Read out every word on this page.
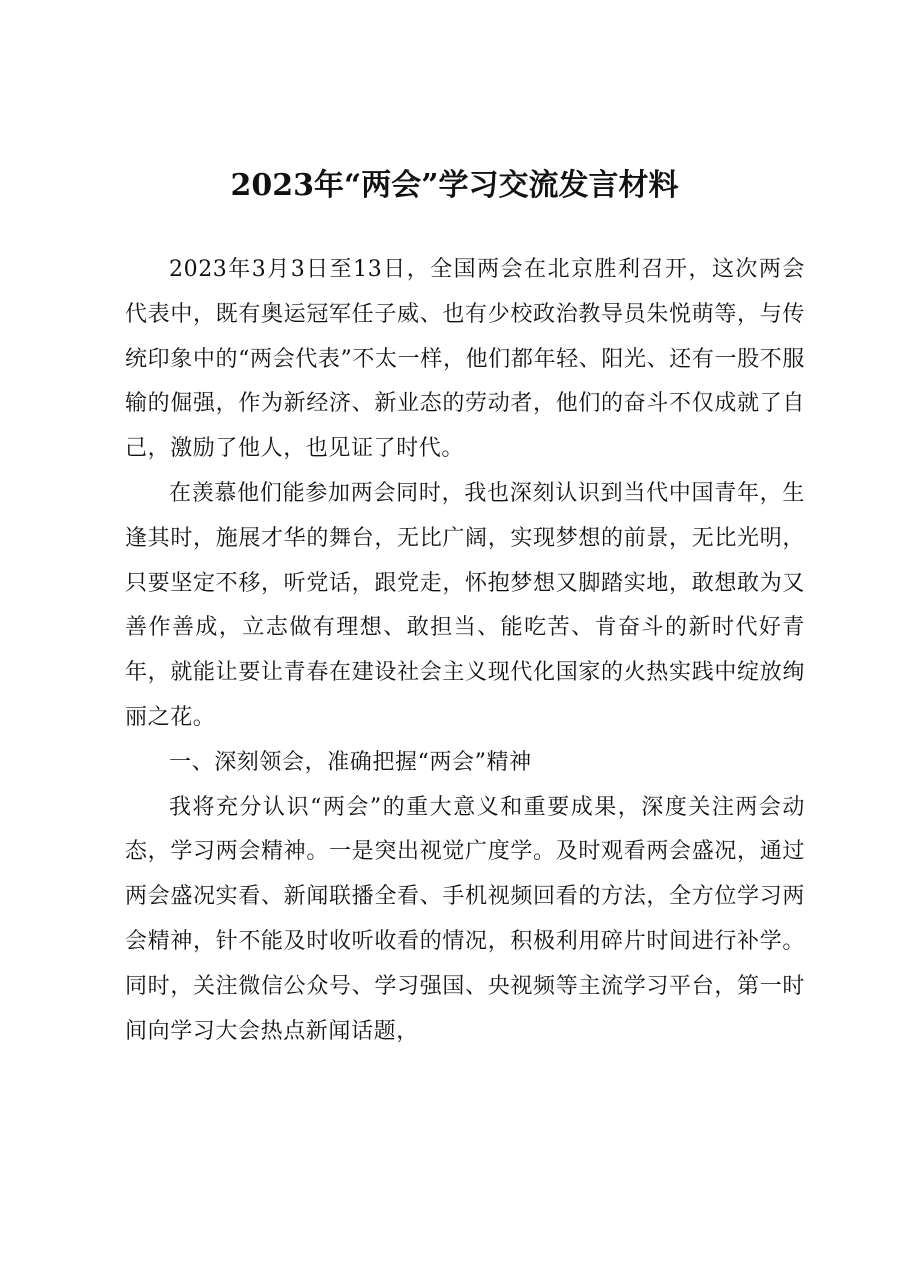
2023年“两会”学习交流发言材料

2023年3月3日至13日，全国两会在北京胜利召开，这次两会代表中，既有奥运冠军任子威、也有少校政治教导员朱悦萌等，与传统印象中的“两会代表”不太一样，他们都年轻、阳光、还有一股不服输的倔强，作为新经济、新业态的劳动者，他们的奋斗不仅成就了自己，激励了他人，也见证了时代。

在羡慕他们能参加两会同时，我也深刻认识到当代中国青年，生逢其时，施展才华的舞台，无比广阔，实现梦想的前景，无比光明，只要坚定不移，听党话，跟党走，怀抱梦想又脚踏实地，敢想敢为又善作善成，立志做有理想、敢担当、能吃苦、肯奋斗的新时代好青年，就能让要让青春在建设社会主义现代化国家的火热实践中绽放绚丽之花。

一、深刻领会，准确把握“两会”精神

我将充分认识“两会”的重大意义和重要成果，深度关注两会动态，学习两会精神。一是突出视觉广度学。及时观看两会盛况，通过两会盛况实看、新闻联播全看、手机视频回看的方法，全方位学习两会精神，针不能及时收听收看的情况，积极利用碎片时间进行补学。同时，关注微信公众号、学习强国、央视频等主流学习平台，第一时间向学习大会热点新闻话题，
